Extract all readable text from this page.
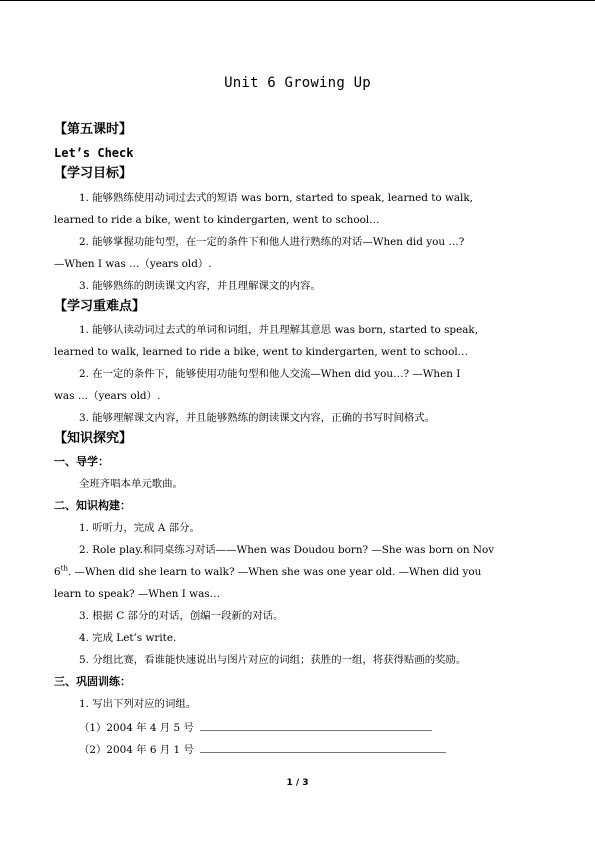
Unit 6 Growing Up
【第五课时】
Let’s Check
【学习目标】
1. 能够熟练使用动词过去式的短语 was born, started to speak, learned to walk,
learned to ride a bike, went to kindergarten, went to school…
2. 能够掌握功能句型，在一定的条件下和他人进行熟练的对话—When did you …?
—When I was …（years old）.
3. 能够熟练的朗读课文内容，并且理解课文的内容。
【学习重难点】
1. 能够认读动词过去式的单词和词组，并且理解其意思 was born, started to speak,
learned to walk, learned to ride a bike, went to kindergarten, went to school…
2. 在一定的条件下，能够使用功能句型和他人交流—When did you…? —When I
was …（years old）.
3. 能够理解课文内容，并且能够熟练的朗读课文内容，正确的书写时间格式。
【知识探究】
一、导学：
全班齐唱本单元歌曲。
二、知识构建：
1. 听听力，完成 A 部分。
2. Role play.和同桌练习对话——When was Doudou born? —She was born on Nov
6th. —When did she learn to walk? —When she was one year old. —When did you
learn to speak? —When I was…
3. 根据 C 部分的对话，创编一段新的对话。
4. 完成 Let’s write.
5. 分组比赛，看谁能快速说出与图片对应的词组；获胜的一组，将获得贴画的奖励。
三、巩固训练：
1. 写出下列对应的词组。
（1）2004 年 4 月 5 号
（2）2004 年 6 月 1 号
1 / 3
